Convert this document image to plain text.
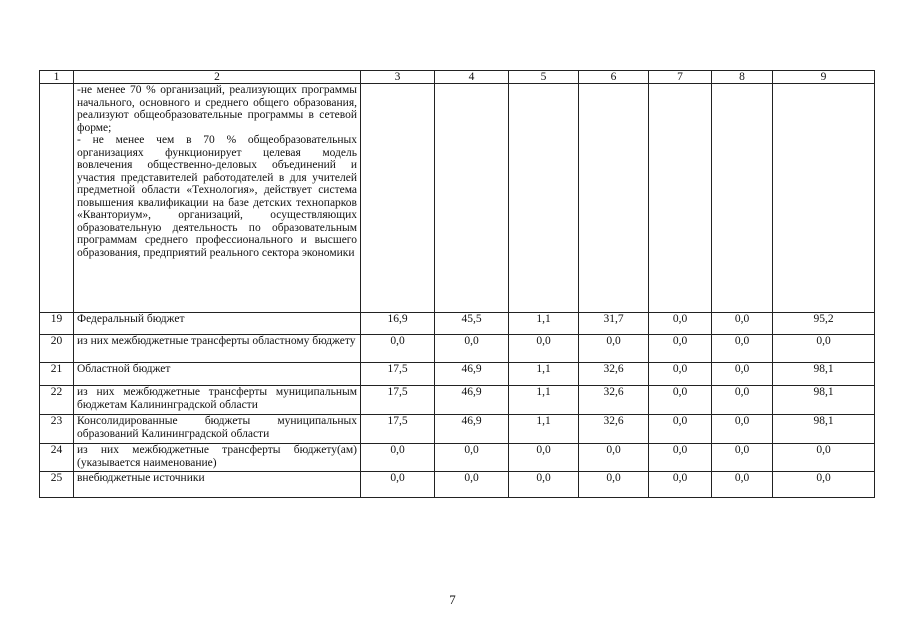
1	2	3	4	5	6	7	8	9

	-не менее 70 % организаций, реализующих программы начального, основного и среднего общего образования, реализуют общеобразовательные программы в сетевой форме;
- не менее чем в 70 % общеобразовательных организациях функционирует целевая модель вовлечения общественно-деловых объединений и участия представителей работодателей в для учителей предметной области «Технология», действует система повышения квалификации на базе детских технопарков «Кванториум», организаций, осуществляющих образовательную деятельность по образовательным программам среднего профессионального и высшего образования, предприятий реального сектора экономики							

19	Федеральный бюджет	16,9	45,5	1,1	31,7	0,0	0,0	95,2
20	из них межбюджетные трансферты областному бюджету	0,0	0,0	0,0	0,0	0,0	0,0	0,0
21	Областной бюджет	17,5	46,9	1,1	32,6	0,0	0,0	98,1
22	из них межбюджетные трансферты муниципальным бюджетам Калининградской области	17,5	46,9	1,1	32,6	0,0	0,0	98,1
23	Консолидированные бюджеты муниципальных образований Калининградской области	17,5	46,9	1,1	32,6	0,0	0,0	98,1
24	из них межбюджетные трансферты бюджету(ам) (указывается наименование)	0,0	0,0	0,0	0,0	0,0	0,0	0,0
25	внебюджетные источники	0,0	0,0	0,0	0,0	0,0	0,0	0,0
7
